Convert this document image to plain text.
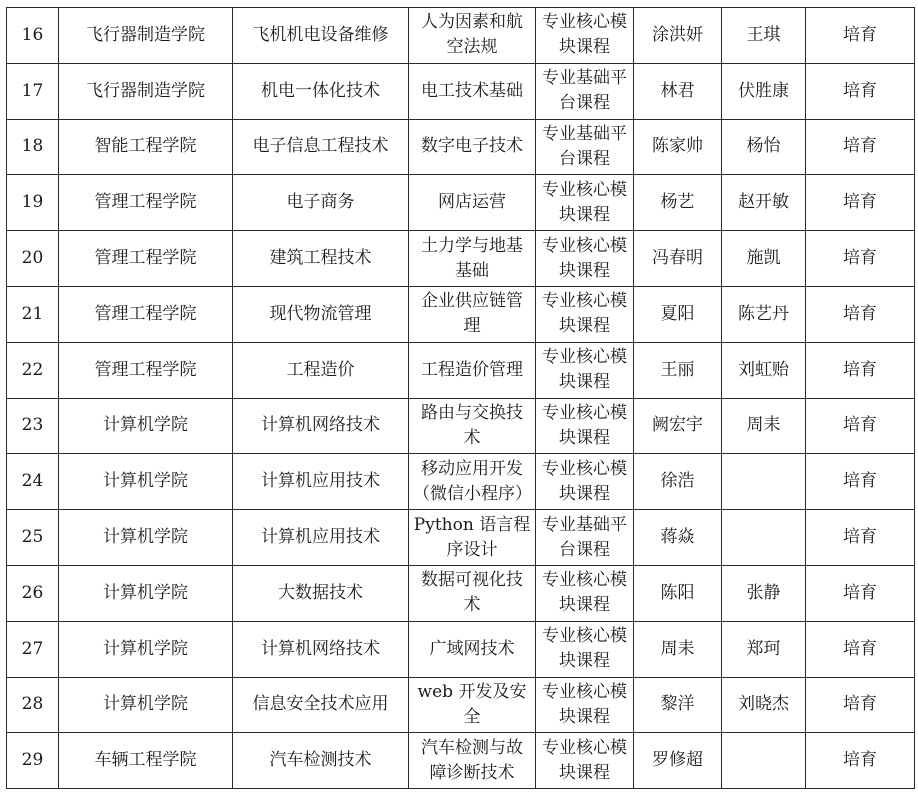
16	飞行器制造学院	飞机机电设备维修	人为因素和航空法规	专业核心模块课程	涂洪妍	王琪	培育
17	飞行器制造学院	机电一体化技术	电工技术基础	专业基础平台课程	林君	伏胜康	培育
18	智能工程学院	电子信息工程技术	数字电子技术	专业基础平台课程	陈家帅	杨怡	培育
19	管理工程学院	电子商务	网店运营	专业核心模块课程	杨艺	赵开敏	培育
20	管理工程学院	建筑工程技术	土力学与地基基础	专业核心模块课程	冯春明	施凯	培育
21	管理工程学院	现代物流管理	企业供应链管理	专业核心模块课程	夏阳	陈艺丹	培育
22	管理工程学院	工程造价	工程造价管理	专业核心模块课程	王丽	刘虹贻	培育
23	计算机学院	计算机网络技术	路由与交换技术	专业核心模块课程	阙宏宇	周耒	培育
24	计算机学院	计算机应用技术	移动应用开发（微信小程序）	专业核心模块课程	徐浩		培育
25	计算机学院	计算机应用技术	Python 语言程序设计	专业基础平台课程	蒋焱		培育
26	计算机学院	大数据技术	数据可视化技术	专业核心模块课程	陈阳	张静	培育
27	计算机学院	计算机网络技术	广域网技术	专业核心模块课程	周耒	郑珂	培育
28	计算机学院	信息安全技术应用	web 开发及安全	专业核心模块课程	黎洋	刘晓杰	培育
29	车辆工程学院	汽车检测技术	汽车检测与故障诊断技术	专业核心模块课程	罗修超		培育
